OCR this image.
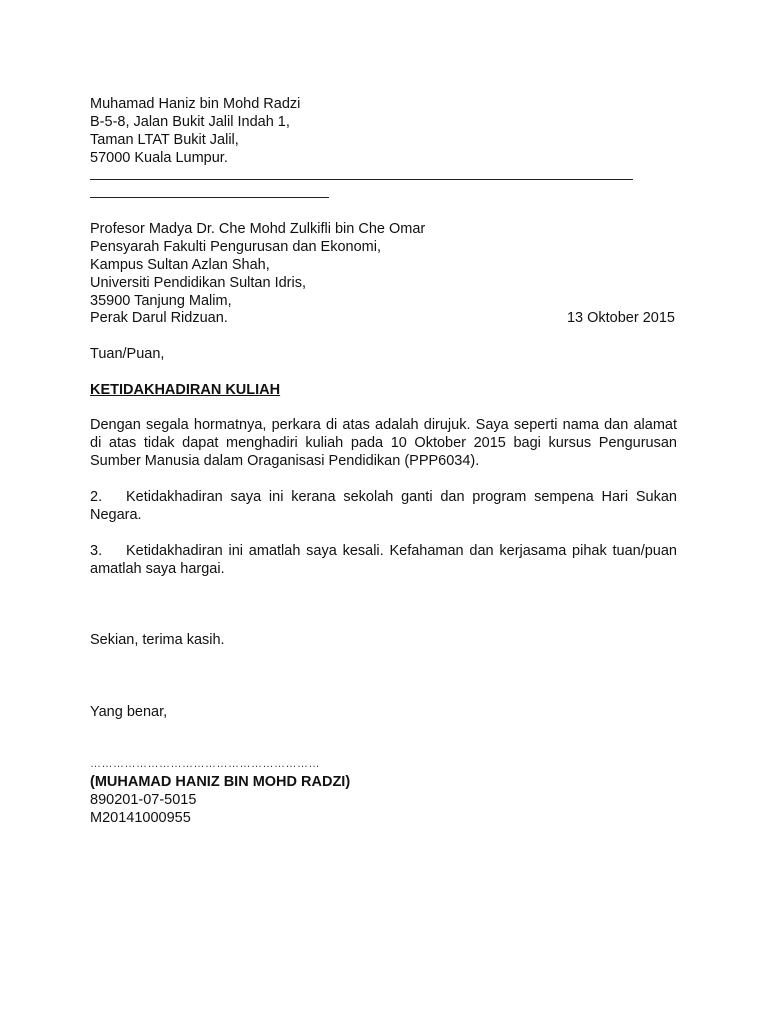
Muhamad Haniz bin Mohd Radzi
B-5-8, Jalan Bukit Jalil Indah 1,
Taman LTAT Bukit Jalil,
57000 Kuala Lumpur.
Profesor Madya Dr. Che Mohd Zulkifli bin Che Omar
Pensyarah Fakulti Pengurusan dan Ekonomi,
Kampus Sultan Azlan Shah,
Universiti Pendidikan Sultan Idris,
35900 Tanjung Malim,
Perak Darul Ridzuan.	13 Oktober 2015
Tuan/Puan,
KETIDAKHADIRAN KULIAH
Dengan segala hormatnya, perkara di atas adalah dirujuk. Saya seperti nama dan alamat di atas tidak dapat menghadiri kuliah pada 10 Oktober 2015 bagi kursus Pengurusan Sumber Manusia dalam Oraganisasi Pendidikan (PPP6034).
2. Ketidakhadiran saya ini kerana sekolah ganti dan program sempena Hari Sukan Negara.
3. Ketidakhadiran ini amatlah saya kesali. Kefahaman dan kerjasama pihak tuan/puan amatlah saya hargai.
Sekian, terima kasih.
Yang benar,
……………………………………………………
(MUHAMAD HANIZ BIN MOHD RADZI)
890201-07-5015
M20141000955
